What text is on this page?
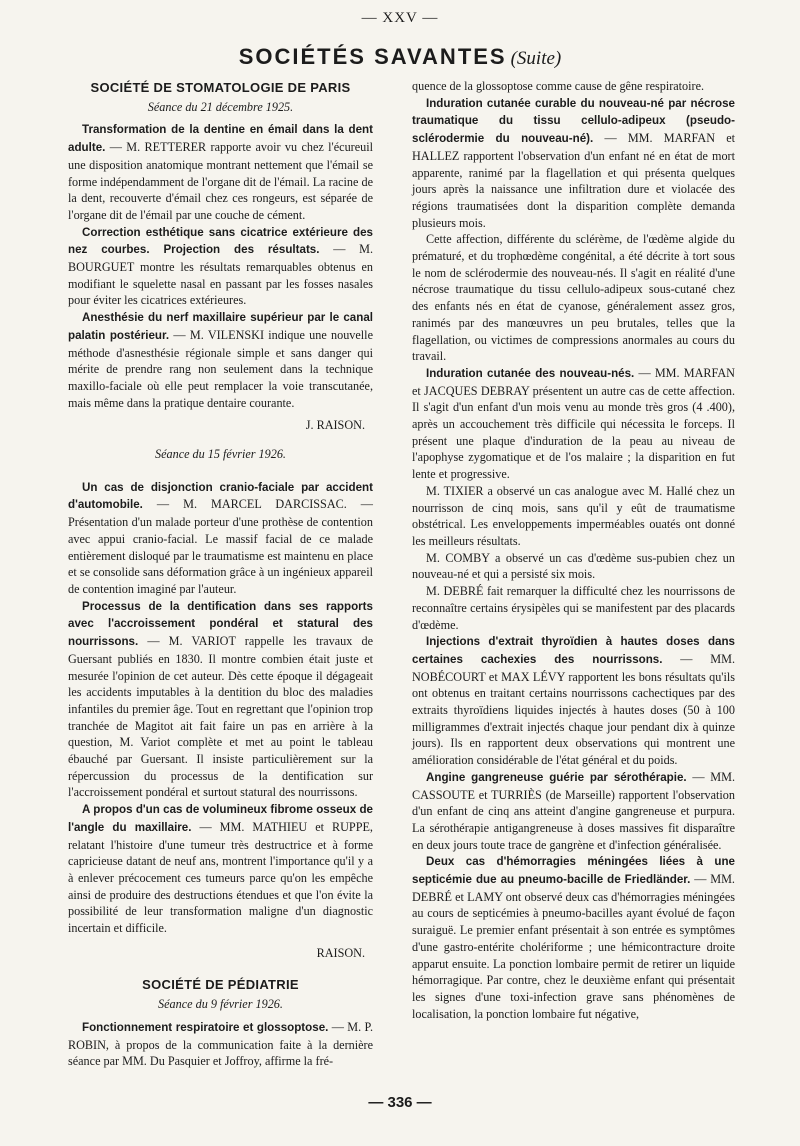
— XXV —
SOCIÉTÉS SAVANTES (Suite)
SOCIÉTÉ DE STOMATOLOGIE DE PARIS
Séance du 21 décembre 1925.

Transformation de la dentine en émail dans la dent adulte. — M. RETTERER rapporte avoir vu chez l'écureuil une disposition anatomique montrant nettement que l'émail se forme indépendamment de l'organe dit de l'émail. La racine de la dent, recouverte d'émail chez ces rongeurs, est séparée de l'organe dit de l'émail par une couche de cément.

Correction esthétique sans cicatrice extérieure des nez courbes. Projection des résultats. — M. BOURGUET montre les résultats remarquables obtenus en modifiant le squelette nasal en passant par les fosses nasales pour éviter les cicatrices extérieures.

Anesthésie du nerf maxillaire supérieur par le canal palatin postérieur. — M. VILENSKI indique une nouvelle méthode d'asnesthésie régionale simple et sans danger qui mérite de prendre rang non seulement dans la technique maxillo-faciale où elle peut remplacer la voie transcutanée, mais même dans la pratique dentaire courante.

J. RAISON.
Séance du 15 février 1926.

Un cas de disjonction cranio-faciale par accident d'automobile. — M. MARCEL DARCISSAC. — Présentation d'un malade porteur d'une prothèse de contention avec appui cranio-facial. Le massif facial de ce malade entièrement disloqué par le traumatisme est maintenu en place et se consolide sans déformation grâce à un ingénieux appareil de contention imaginé par l'auteur.

Processus de la dentification dans ses rapports avec l'accroissement pondéral et statural des nourrissons. — M. VARIOT rappelle les travaux de Guersant publiés en 1830. Il montre combien était juste et mesurée l'opinion de cet auteur. Dès cette époque il dégageait les accidents imputables à la dentition du bloc des maladies infantiles du premier âge. Tout en regrettant que l'opinion trop tranchée de Magitot ait fait faire un pas en arrière à la question, M. Variot complète et met au point le tableau ébauché par Guersant. Il insiste particulièrement sur la répercussion du processus de la dentification sur l'accroissement pondéral et surtout statural des nourrissons.

A propos d'un cas de volumineux fibrome osseux de l'angle du maxillaire. — MM. MATHIEU et RUPPE, relatant l'histoire d'une tumeur très destructrice et à forme capricieuse datant de neuf ans, montrent l'importance qu'il y a à enlever précocement ces tumeurs parce qu'on les empêche ainsi de produire des destructions étendues et que l'on évite la possibilité de leur transformation maligne d'un diagnostic incertain et difficile.

RAISON.
SOCIÉTÉ DE PÉDIATRIE
Séance du 9 février 1926.

Fonctionnement respiratoire et glossoptose. — M. P. ROBIN, à propos de la communication faite à la dernière séance par MM. Du Pasquier et Joffroy, affirme la fré-

quence de la glossoptose comme cause de gêne respiratoire.

Induration cutanée curable du nouveau-né par nécrose traumatique du tissu cellulo-adipeux (pseudo-sclérodermie du nouveau-né). — MM. MARFAN et HALLEZ rapportent l'observation d'un enfant né en état de mort apparente, ranimé par la flagellation et qui présenta quelques jours après la naissance une infiltration dure et violacée des régions traumatisées dont la disparition complète demanda plusieurs mois.

Cette affection, différente du sclérème, de l'œdème algide du prématuré, et du trophœdème congénital, a été décrite à tort sous le nom de sclérodermie des nouveau-nés. Il s'agit en réalité d'une nécrose traumatique du tissu cellulo-adipeux sous-cutané chez des enfants nés en état de cyanose, généralement assez gros, ranimés par des manœuvres un peu brutales, telles que la flagellation, ou victimes de compressions anormales au cours du travail.

Induration cutanée des nouveau-nés. — MM. MARFAN et JACQUES DEBRAY présentent un autre cas de cette affection. Il s'agit d'un enfant d'un mois venu au monde très gros (4 .400), après un accouchement très difficile qui nécessita le forceps. Il présent une plaque d'induration de la peau au niveau de l'apophyse zygomatique et de l'os malaire ; la disparition en fut lente et progressive.

M. TIXIER a observé un cas analogue avec M. Hallé chez un nourrisson de cinq mois, sans qu'il y eût de traumatisme obstétrical. Les enveloppements imperméables ouatés ont donné les meilleurs résultats.

M. COMBY a observé un cas d'œdème sus-pubien chez un nouveau-né et qui a persisté six mois.

M. DEBRÉ fait remarquer la difficulté chez les nourrissons de reconnaître certains érysipèles qui se manifestent par des placards d'œdème.

Injections d'extrait thyroïdien à hautes doses dans certaines cachexies des nourrissons. — MM. NOBÉCOURT et MAX LÉVY rapportent les bons résultats qu'ils ont obtenus en traitant certains nourrissons cachectiques par des extraits thyroïdiens liquides injectés à hautes doses (50 à 100 milligrammes d'extrait injectés chaque jour pendant dix à quinze jours). Ils en rapportent deux observations qui montrent une amélioration considérable de l'état général et du poids.

Angine gangreneuse guérie par sérothérapie. — MM. CASSOUTE et TURRIÈS (de Marseille) rapportent l'observation d'un enfant de cinq ans atteint d'angine gangreneuse et purpura. La sérothérapie antigangreneuse à doses massives fit disparaître en deux jours toute trace de gangrène et d'infection généralisée.

Deux cas d'hémorragies méningées liées à une septicémie due au pneumo-bacille de Friedländer. — MM. DEBRÉ et LAMY ont observé deux cas d'hémorragies méningées au cours de septicémies à pneumo-bacilles ayant évolué de façon suraiguë. Le premier enfant présentait à son entrée es symptômes d'une gastro-entérite cholériforme ; une hémicontracture droite apparut ensuite. La ponction lombaire permit de retirer un liquide hémorragique. Par contre, chez le deuxième enfant qui présentait les signes d'une toxi-infection grave sans phénomènes de localisation, la ponction lombaire fut négative,

— 336 —
